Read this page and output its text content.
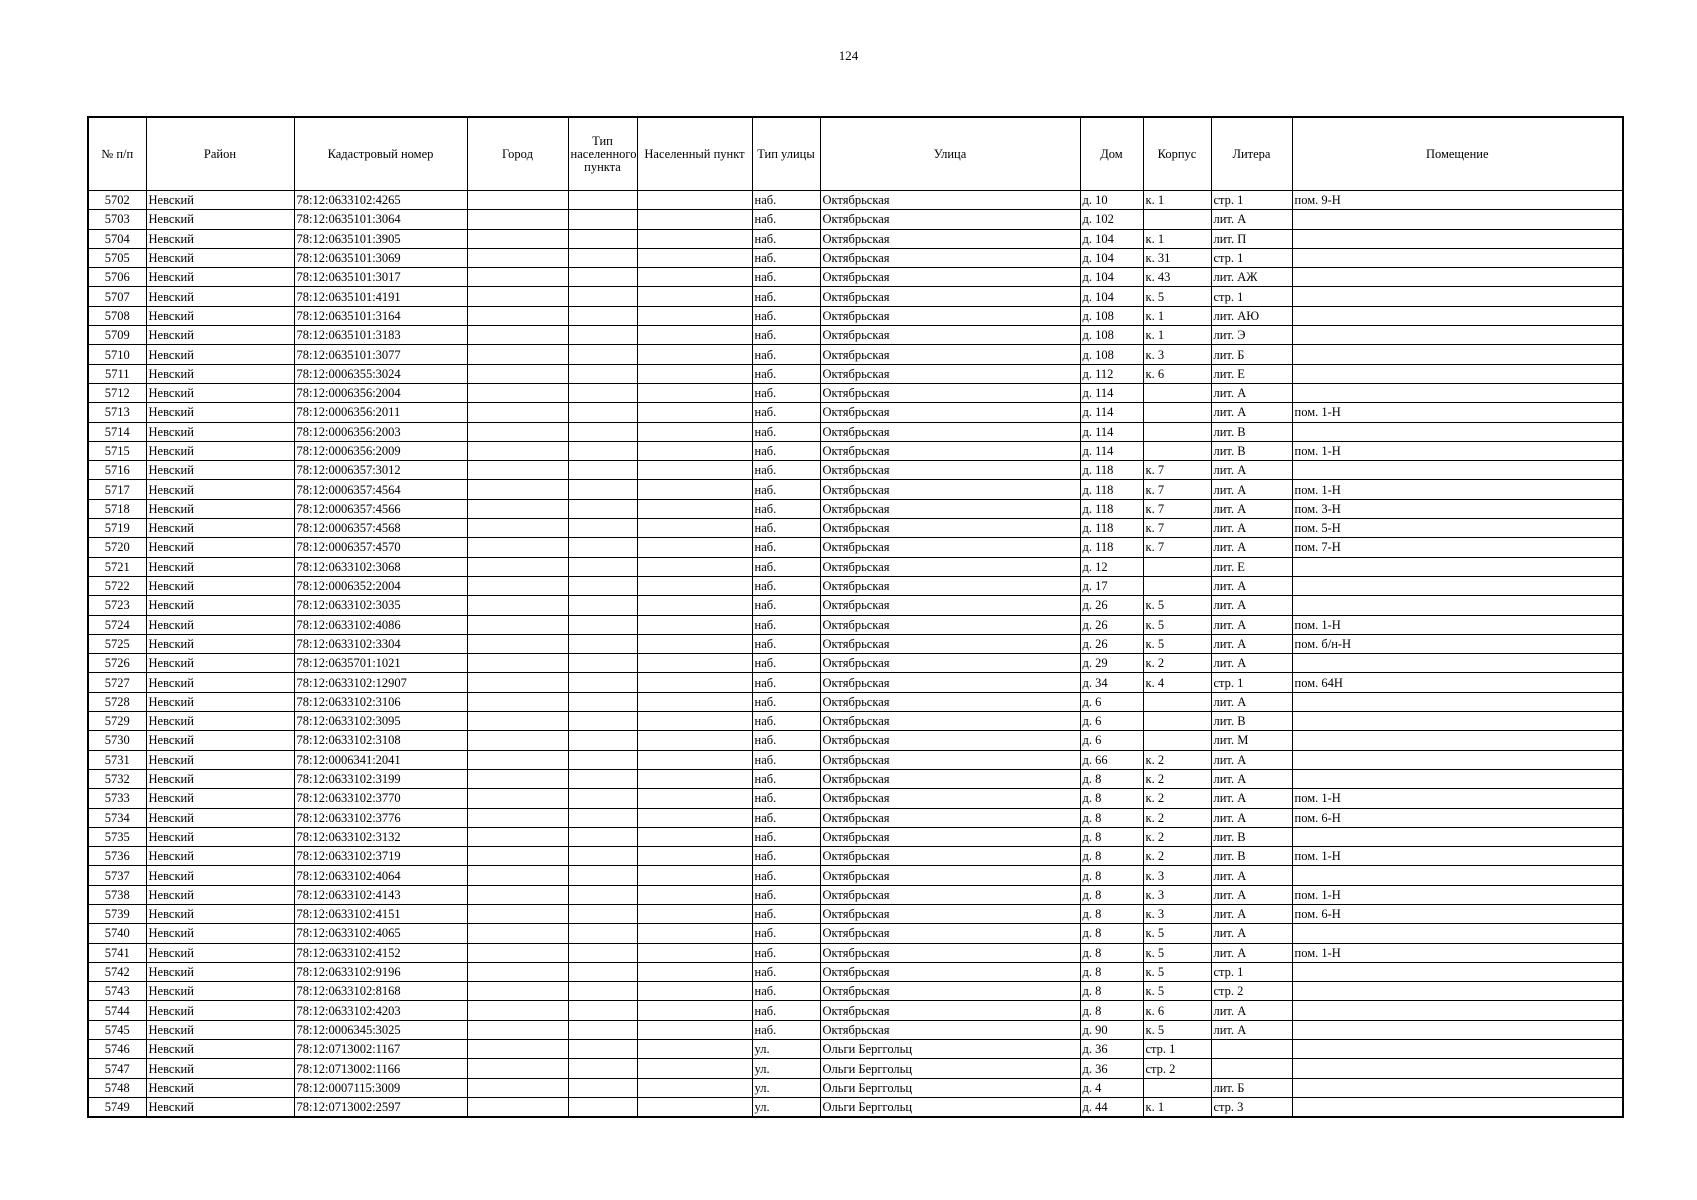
124
№ п/п	Район	Кадастровый номер	Город	Тип населенного пункта	Населенный пункт	Тип улицы	Улица	Дом	Корпус	Литера	Помещение
5702	Невский	78:12:0633102:4265				наб.	Октябрьская	д. 10	к. 1	стр. 1	пом. 9-Н
5703	Невский	78:12:0635101:3064				наб.	Октябрьская	д. 102		лит. А	
5704	Невский	78:12:0635101:3905				наб.	Октябрьская	д. 104	к. 1	лит. П	
5705	Невский	78:12:0635101:3069				наб.	Октябрьская	д. 104	к. 31	стр. 1	
5706	Невский	78:12:0635101:3017				наб.	Октябрьская	д. 104	к. 43	лит. АЖ	
5707	Невский	78:12:0635101:4191				наб.	Октябрьская	д. 104	к. 5	стр. 1	
5708	Невский	78:12:0635101:3164				наб.	Октябрьская	д. 108	к. 1	лит. АЮ	
5709	Невский	78:12:0635101:3183				наб.	Октябрьская	д. 108	к. 1	лит. Э	
5710	Невский	78:12:0635101:3077				наб.	Октябрьская	д. 108	к. 3	лит. Б	
5711	Невский	78:12:0006355:3024				наб.	Октябрьская	д. 112	к. 6	лит. Е	
5712	Невский	78:12:0006356:2004				наб.	Октябрьская	д. 114		лит. А	
5713	Невский	78:12:0006356:2011				наб.	Октябрьская	д. 114		лит. А	пом. 1-Н
5714	Невский	78:12:0006356:2003				наб.	Октябрьская	д. 114		лит. В	
5715	Невский	78:12:0006356:2009				наб.	Октябрьская	д. 114		лит. В	пом. 1-Н
5716	Невский	78:12:0006357:3012				наб.	Октябрьская	д. 118	к. 7	лит. А	
5717	Невский	78:12:0006357:4564				наб.	Октябрьская	д. 118	к. 7	лит. А	пом. 1-Н
5718	Невский	78:12:0006357:4566				наб.	Октябрьская	д. 118	к. 7	лит. А	пом. 3-Н
5719	Невский	78:12:0006357:4568				наб.	Октябрьская	д. 118	к. 7	лит. А	пом. 5-Н
5720	Невский	78:12:0006357:4570				наб.	Октябрьская	д. 118	к. 7	лит. А	пом. 7-Н
5721	Невский	78:12:0633102:3068				наб.	Октябрьская	д. 12		лит. Е	
5722	Невский	78:12:0006352:2004				наб.	Октябрьская	д. 17		лит. А	
5723	Невский	78:12:0633102:3035				наб.	Октябрьская	д. 26	к. 5	лит. А	
5724	Невский	78:12:0633102:4086				наб.	Октябрьская	д. 26	к. 5	лит. А	пом. 1-Н
5725	Невский	78:12:0633102:3304				наб.	Октябрьская	д. 26	к. 5	лит. А	пом. б/н-Н
5726	Невский	78:12:0635701:1021				наб.	Октябрьская	д. 29	к. 2	лит. А	
5727	Невский	78:12:0633102:12907				наб.	Октябрьская	д. 34	к. 4	стр. 1	пом. 64Н
5728	Невский	78:12:0633102:3106				наб.	Октябрьская	д. 6		лит. А	
5729	Невский	78:12:0633102:3095				наб.	Октябрьская	д. 6		лит. В	
5730	Невский	78:12:0633102:3108				наб.	Октябрьская	д. 6		лит. М	
5731	Невский	78:12:0006341:2041				наб.	Октябрьская	д. 66	к. 2	лит. А	
5732	Невский	78:12:0633102:3199				наб.	Октябрьская	д. 8	к. 2	лит. А	
5733	Невский	78:12:0633102:3770				наб.	Октябрьская	д. 8	к. 2	лит. А	пом. 1-Н
5734	Невский	78:12:0633102:3776				наб.	Октябрьская	д. 8	к. 2	лит. А	пом. 6-Н
5735	Невский	78:12:0633102:3132				наб.	Октябрьская	д. 8	к. 2	лит. В	
5736	Невский	78:12:0633102:3719				наб.	Октябрьская	д. 8	к. 2	лит. В	пом. 1-Н
5737	Невский	78:12:0633102:4064				наб.	Октябрьская	д. 8	к. 3	лит. А	
5738	Невский	78:12:0633102:4143				наб.	Октябрьская	д. 8	к. 3	лит. А	пом. 1-Н
5739	Невский	78:12:0633102:4151				наб.	Октябрьская	д. 8	к. 3	лит. А	пом. 6-Н
5740	Невский	78:12:0633102:4065				наб.	Октябрьская	д. 8	к. 5	лит. А	
5741	Невский	78:12:0633102:4152				наб.	Октябрьская	д. 8	к. 5	лит. А	пом. 1-Н
5742	Невский	78:12:0633102:9196				наб.	Октябрьская	д. 8	к. 5	стр. 1	
5743	Невский	78:12:0633102:8168				наб.	Октябрьская	д. 8	к. 5	стр. 2	
5744	Невский	78:12:0633102:4203				наб.	Октябрьская	д. 8	к. 6	лит. А	
5745	Невский	78:12:0006345:3025				наб.	Октябрьская	д. 90	к. 5	лит. А	
5746	Невский	78:12:0713002:1167				ул.	Ольги Берггольц	д. 36	стр. 1		
5747	Невский	78:12:0713002:1166				ул.	Ольги Берггольц	д. 36	стр. 2		
5748	Невский	78:12:0007115:3009				ул.	Ольги Берггольц	д. 4		лит. Б	
5749	Невский	78:12:0713002:2597				ул.	Ольги Берггольц	д. 44	к. 1	стр. 3	
